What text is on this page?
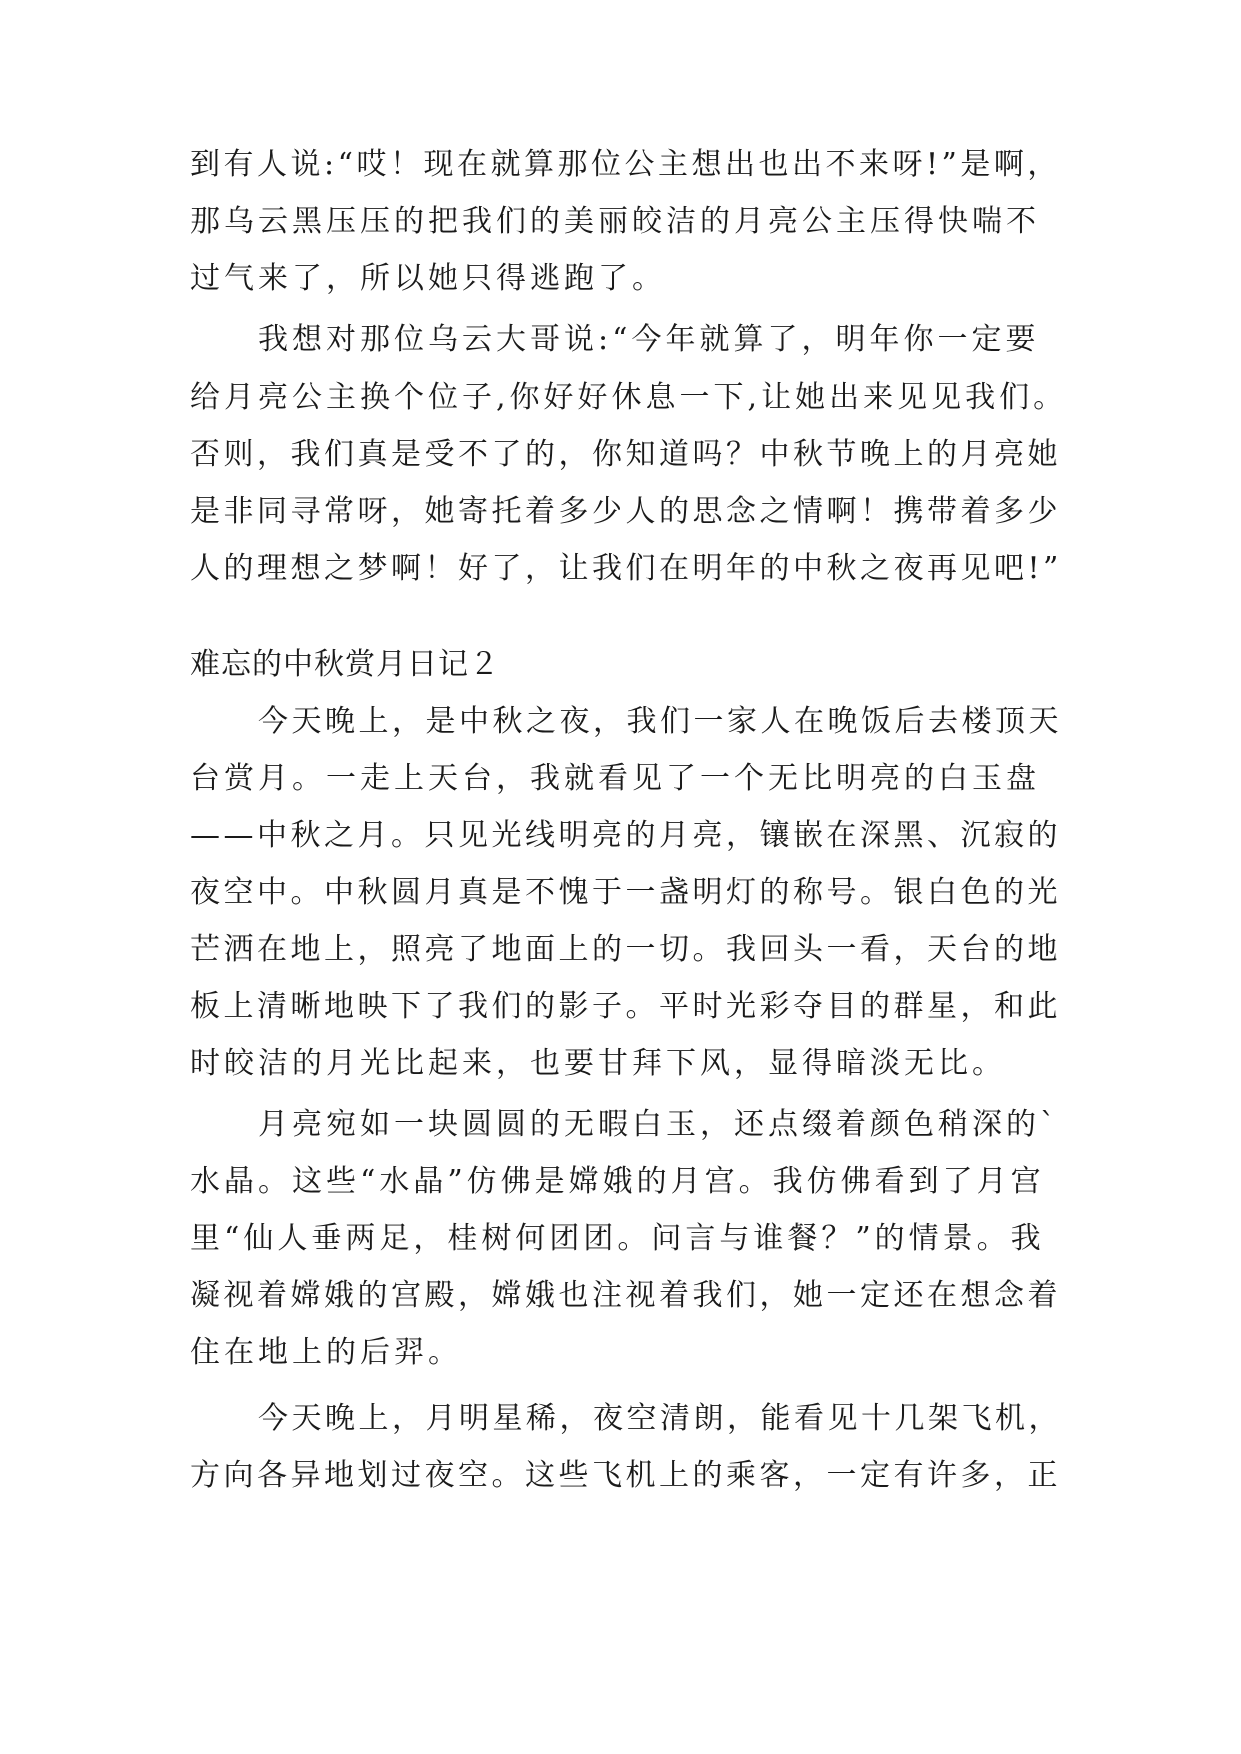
到有人说:“哎！现在就算那位公主想出也出不来呀!”是啊，
那乌云黑压压的把我们的美丽皎洁的月亮公主压得快喘不
过气来了，所以她只得逃跑了。
我想对那位乌云大哥说:“今年就算了，明年你一定要
给月亮公主换个位子,你好好休息一下,让她出来见见我们。
否则，我们真是受不了的，你知道吗？中秋节晚上的月亮她
是非同寻常呀，她寄托着多少人的思念之情啊！携带着多少
人的理想之梦啊！好了，让我们在明年的中秋之夜再见吧!”
难忘的中秋赏月日记２
今天晚上，是中秋之夜，我们一家人在晚饭后去楼顶天
台赏月。一走上天台，我就看见了一个无比明亮的白玉盘
——中秋之月。只见光线明亮的月亮，镶嵌在深黑、沉寂的
夜空中。中秋圆月真是不愧于一盏明灯的称号。银白色的光
芒洒在地上，照亮了地面上的一切。我回头一看，天台的地
板上清晰地映下了我们的影子。平时光彩夺目的群星，和此
时皎洁的月光比起来，也要甘拜下风，显得暗淡无比。
月亮宛如一块圆圆的无暇白玉，还点缀着颜色稍深的`
水晶。这些“水晶”仿佛是嫦娥的月宫。我仿佛看到了月宫
里“仙人垂两足，桂树何团团。问言与谁餐？”的情景。我
凝视着嫦娥的宫殿，嫦娥也注视着我们，她一定还在想念着
住在地上的后羿。
今天晚上，月明星稀，夜空清朗，能看见十几架飞机，
方向各异地划过夜空。这些飞机上的乘客，一定有许多，正
